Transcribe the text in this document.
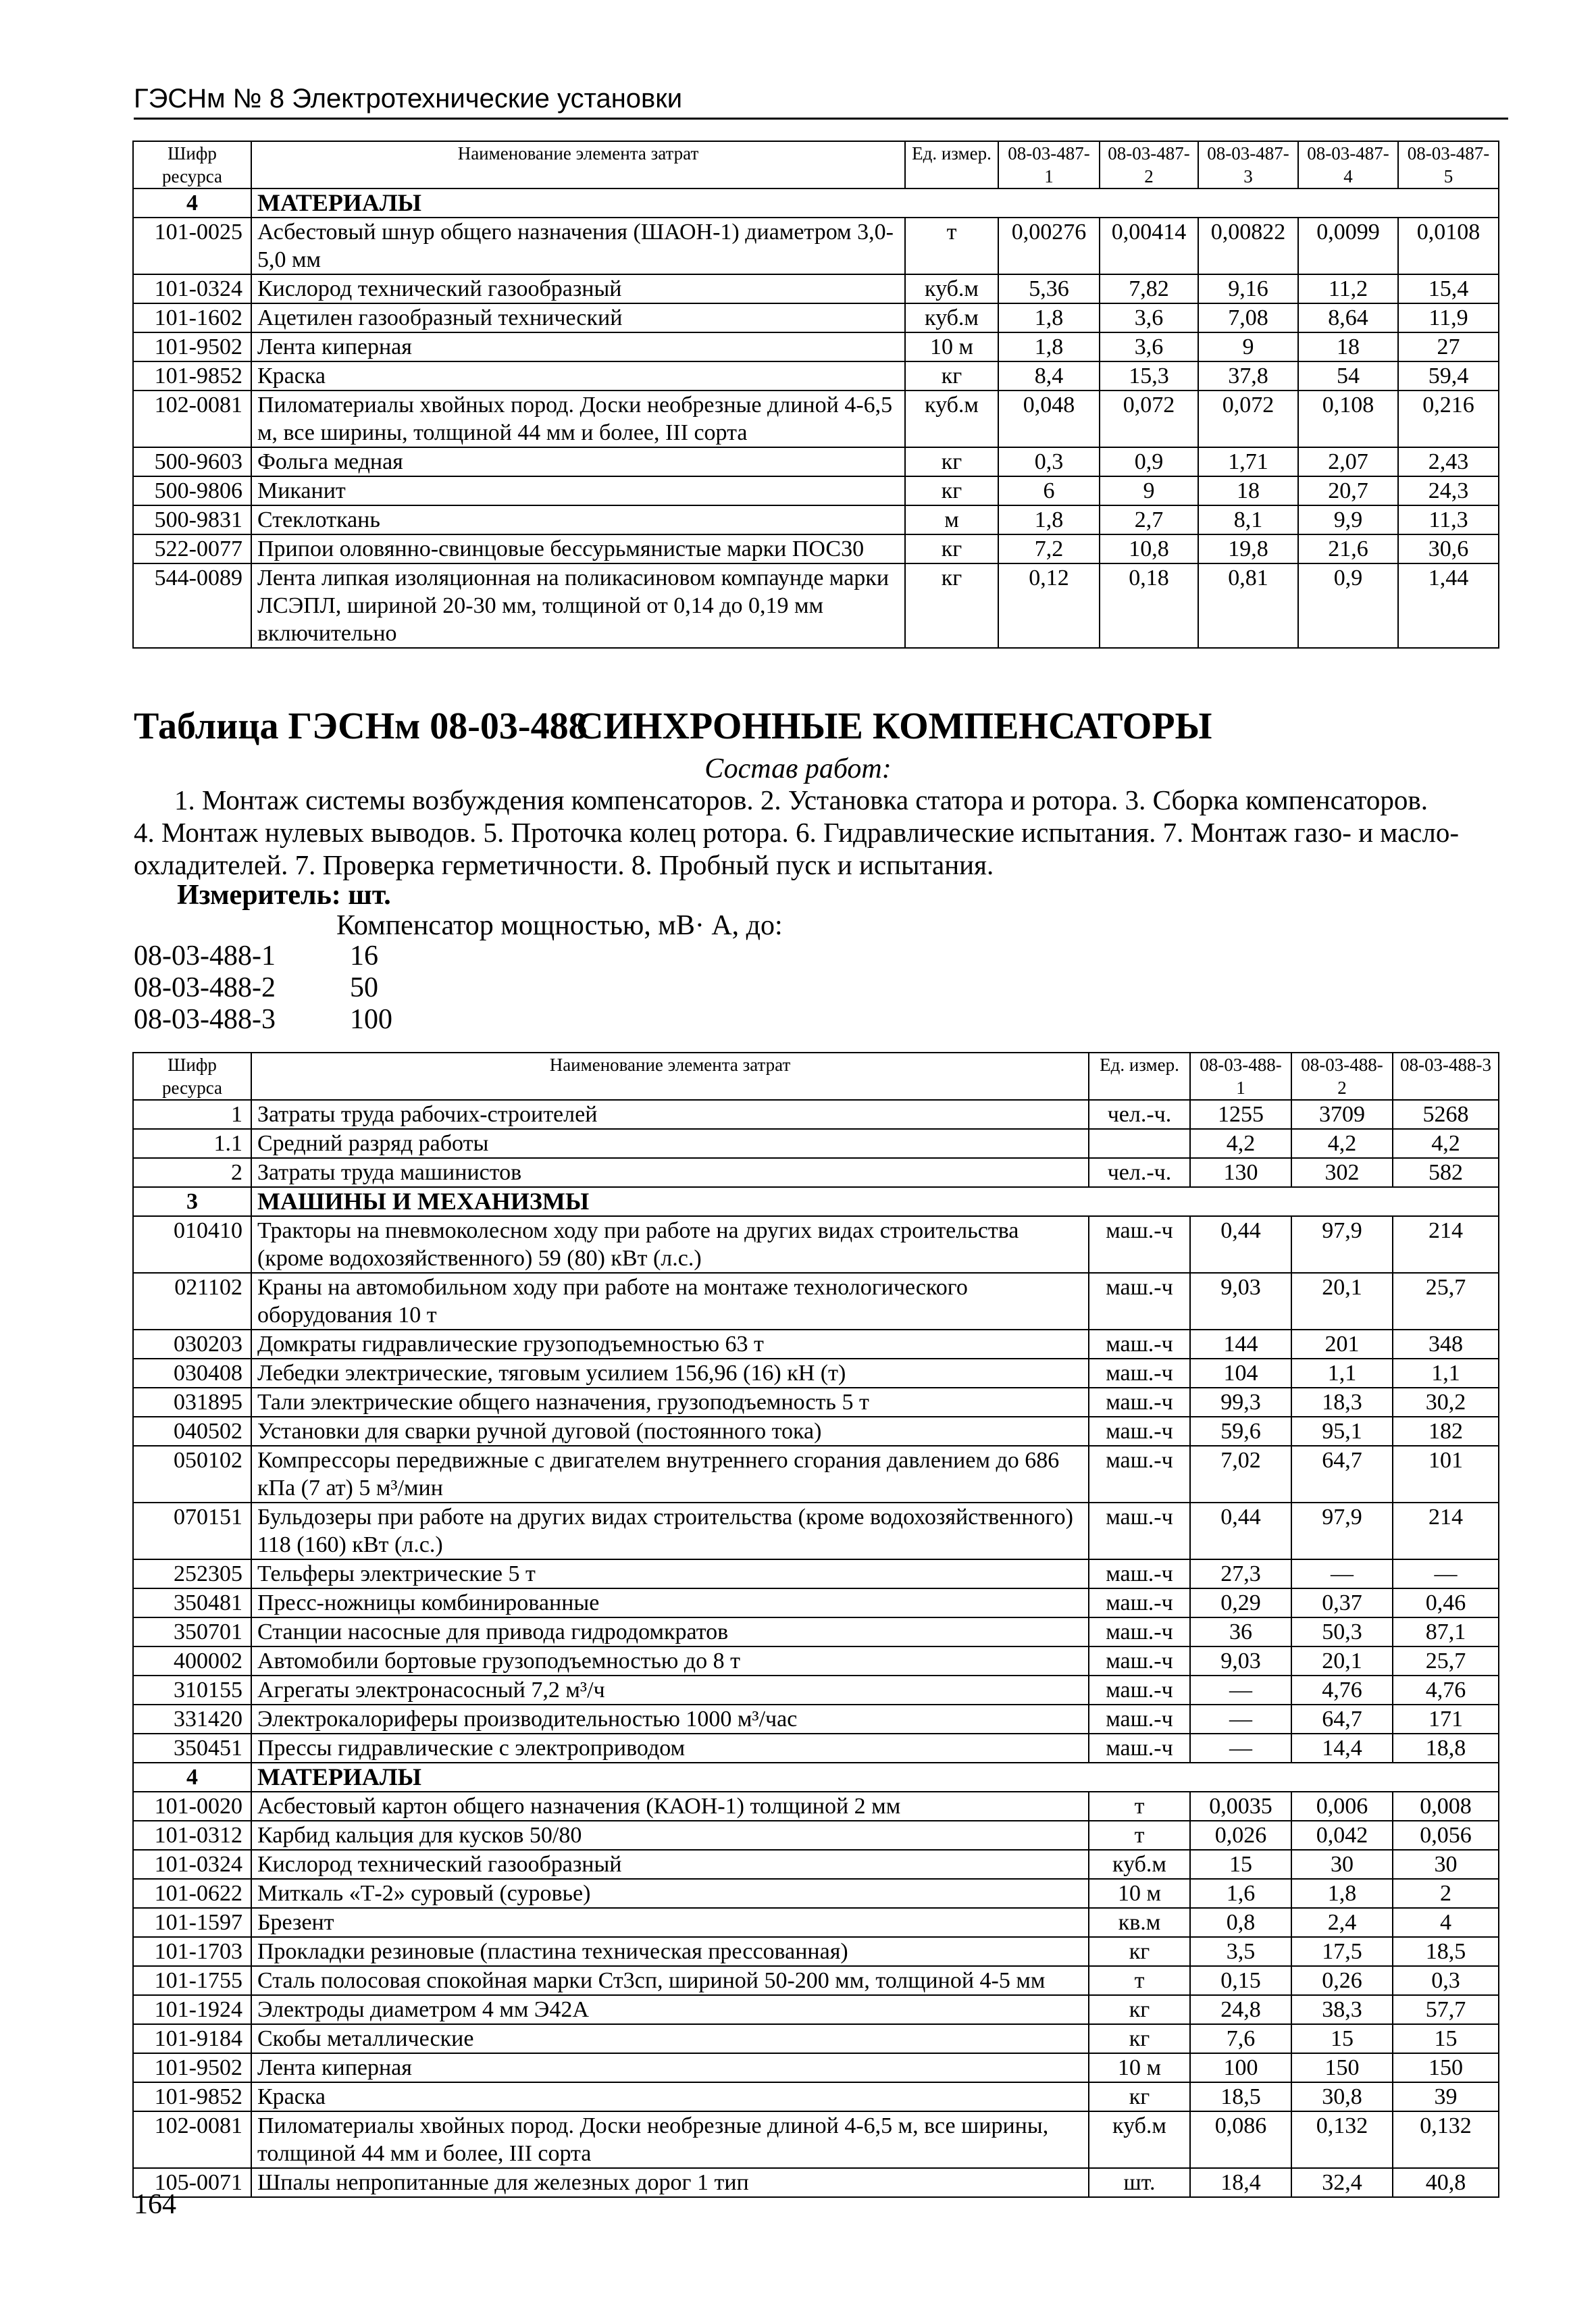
ГЭСНм № 8 Электротехнические установки
Шифр ресурса	Наименование элемента затрат	Ед. измер.	08-03-487-1	08-03-487-2	08-03-487-3	08-03-487-4	08-03-487-5
4	МАТЕРИАЛЫ						
101-0025	Асбестовый шнур общего назначения (ШАОН-1) диаметром 3,0-5,0 мм	т	0,00276	0,00414	0,00822	0,0099	0,0108
101-0324	Кислород технический газообразный	куб.м	5,36	7,82	9,16	11,2	15,4
101-1602	Ацетилен газообразный технический	куб.м	1,8	3,6	7,08	8,64	11,9
101-9502	Лента киперная	10 м	1,8	3,6	9	18	27
101-9852	Краска	кг	8,4	15,3	37,8	54	59,4
102-0081	Пиломатериалы хвойных пород. Доски необрезные длиной 4-6,5 м, все ширины, толщиной 44 мм и более, III сорта	куб.м	0,048	0,072	0,072	0,108	0,216
500-9603	Фольга медная	кг	0,3	0,9	1,71	2,07	2,43
500-9806	Миканит	кг	6	9	18	20,7	24,3
500-9831	Стеклоткань	м	1,8	2,7	8,1	9,9	11,3
522-0077	Припои оловянно-свинцовые бессурьмянистые марки ПОС30	кг	7,2	10,8	19,8	21,6	30,6
544-0089	Лента липкая изоляционная на поликасиновом компаунде марки ЛСЭПЛ, шириной 20-30 мм, толщиной от 0,14 до 0,19 мм включительно	кг	0,12	0,18	0,81	0,9	1,44
Таблица ГЭСНм 08-03-488СИНХРОННЫЕ КОМПЕНСАТОРЫ
Состав работ:

1. Монтаж системы возбуждения компенсаторов. 2. Установка статора и ротора. 3. Сборка компенсаторов.

4. Монтаж нулевых выводов. 5. Проточка колец ротора. 6. Гидравлические испытания. 7. Монтаж газо- и масло-

охладителей. 7. Проверка герметичности. 8. Пробный пуск и испытания.

Измеритель: шт.
Компенсатор мощностью, мВ· А, до:
08-03-488-1	16
08-03-488-2	50
08-03-488-3	100
Шифр ресурса	Наименование элемента затрат	Ед. измер.	08-03-488-1	08-03-488-2	08-03-488-3
1	Затраты труда рабочих-строителей	чел.-ч.	1255	3709	5268
1.1	Средний разряд работы		4,2	4,2	4,2
2	Затраты труда машинистов	чел.-ч.	130	302	582
3	МАШИНЫ И МЕХАНИЗМЫ				
010410	Тракторы на пневмоколесном ходу при работе на других видах строительства (кроме водохозяйственного) 59 (80) кВт (л.с.)	маш.-ч	0,44	97,9	214
021102	Краны на автомобильном ходу при работе на монтаже технологического оборудования 10 т	маш.-ч	9,03	20,1	25,7
030203	Домкраты гидравлические грузоподъемностью 63 т	маш.-ч	144	201	348
030408	Лебедки электрические, тяговым усилием 156,96 (16) кН (т)	маш.-ч	104	1,1	1,1
031895	Тали электрические общего назначения, грузоподъемность 5 т	маш.-ч	99,3	18,3	30,2
040502	Установки для сварки ручной дуговой (постоянного тока)	маш.-ч	59,6	95,1	182
050102	Компрессоры передвижные с двигателем внутреннего сгорания давлением до 686 кПа (7 ат) 5 м³/мин	маш.-ч	7,02	64,7	101
070151	Бульдозеры при работе на других видах строительства (кроме водохозяйственного) 118 (160) кВт (л.с.)	маш.-ч	0,44	97,9	214
252305	Тельферы электрические 5 т	маш.-ч	27,3	—	—
350481	Пресс-ножницы комбинированные	маш.-ч	0,29	0,37	0,46
350701	Станции насосные для привода гидродомкратов	маш.-ч	36	50,3	87,1
400002	Автомобили бортовые грузоподъемностью до 8 т	маш.-ч	9,03	20,1	25,7
310155	Агрегаты электронасосный 7,2 м³/ч	маш.-ч	—	4,76	4,76
331420	Электрокалориферы производительностью 1000 м³/час	маш.-ч	—	64,7	171
350451	Прессы гидравлические с электроприводом	маш.-ч	—	14,4	18,8
4	МАТЕРИАЛЫ				
101-0020	Асбестовый картон общего назначения (КАОН-1) толщиной 2 мм	т	0,0035	0,006	0,008
101-0312	Карбид кальция для кусков 50/80	т	0,026	0,042	0,056
101-0324	Кислород технический газообразный	куб.м	15	30	30
101-0622	Миткаль «Т-2» суровый (суровье)	10 м	1,6	1,8	2
101-1597	Брезент	кв.м	0,8	2,4	4
101-1703	Прокладки резиновые (пластина техническая прессованная)	кг	3,5	17,5	18,5
101-1755	Сталь полосовая спокойная марки Ст3сп, шириной 50-200 мм, толщиной 4-5 мм	т	0,15	0,26	0,3
101-1924	Электроды диаметром 4 мм Э42А	кг	24,8	38,3	57,7
101-9184	Скобы металлические	кг	7,6	15	15
101-9502	Лента киперная	10 м	100	150	150
101-9852	Краска	кг	18,5	30,8	39
102-0081	Пиломатериалы хвойных пород. Доски необрезные длиной 4-6,5 м, все ширины, толщиной 44 мм и более, III сорта	куб.м	0,086	0,132	0,132
105-0071	Шпалы непропитанные для железных дорог 1 тип	шт.	18,4	32,4	40,8
164
